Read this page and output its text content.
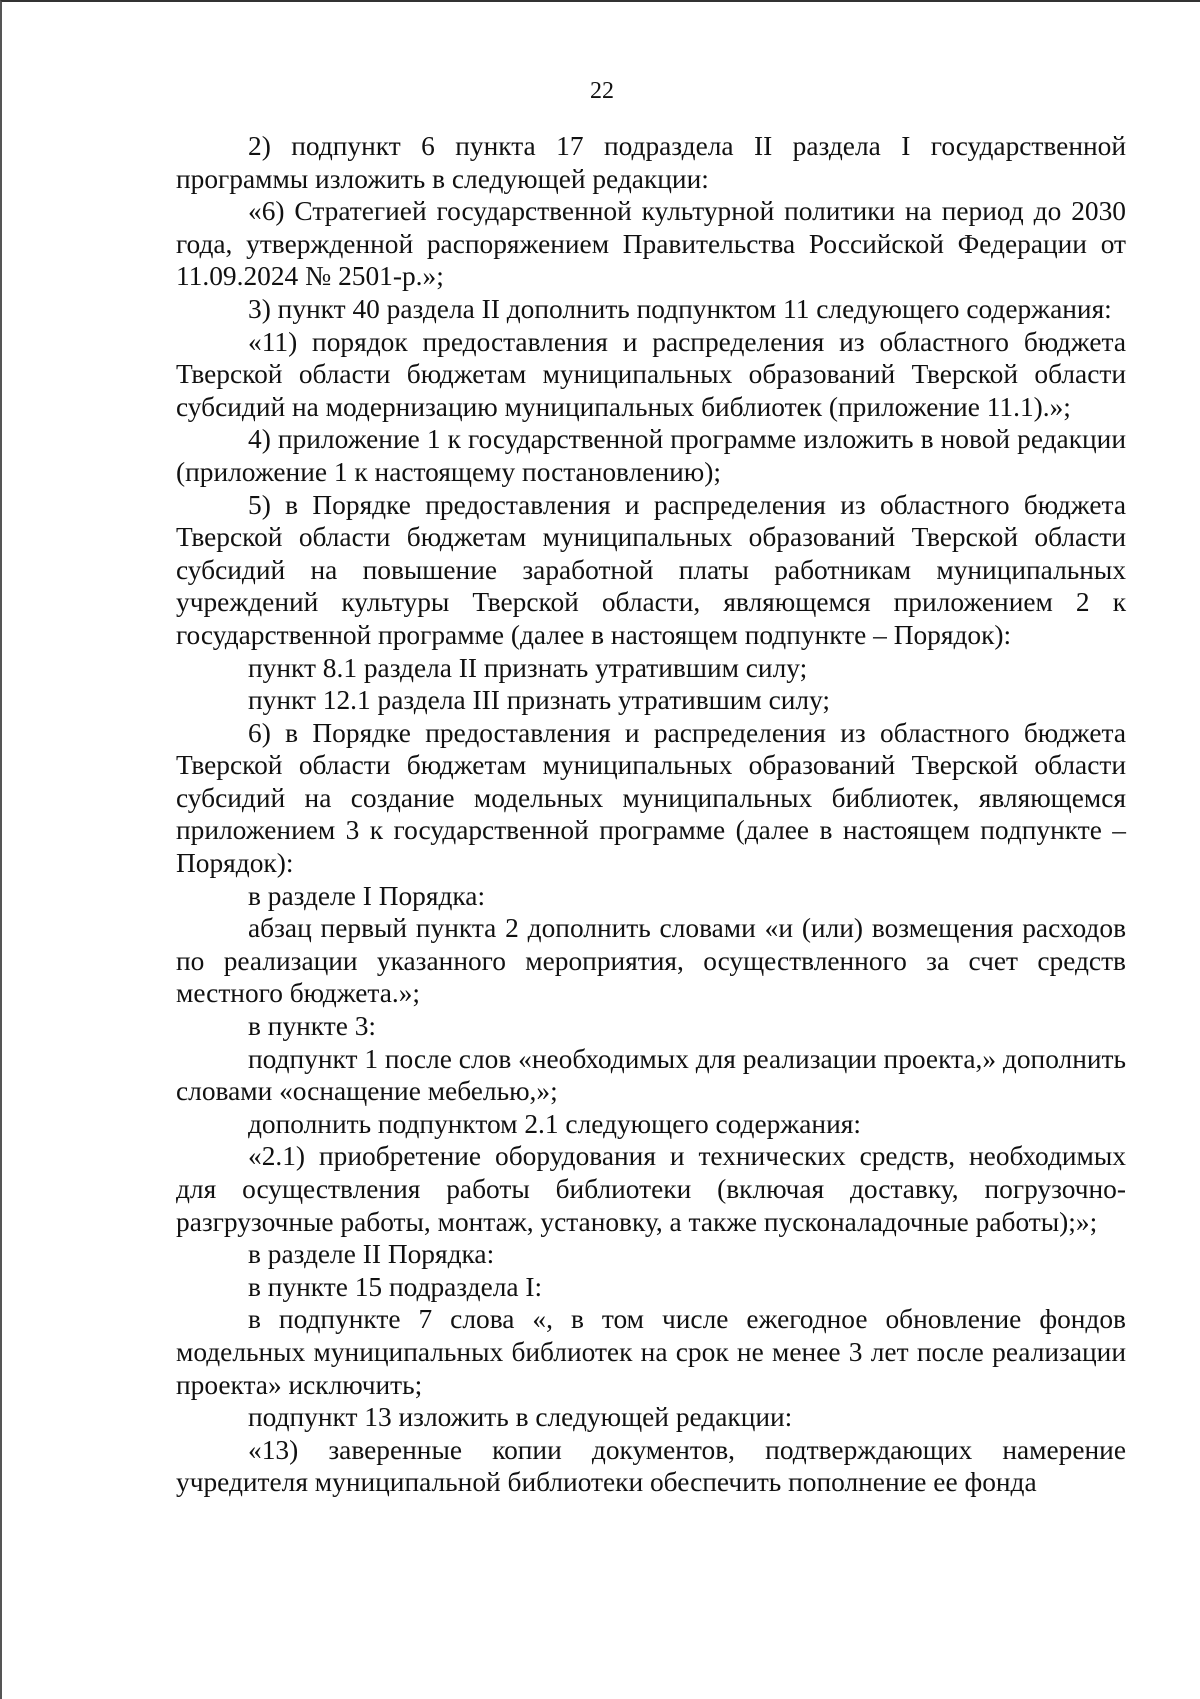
22

2) подпункт 6 пункта 17 подраздела II раздела I государственной программы изложить в следующей редакции:

«6) Стратегией государственной культурной политики на период до 2030 года, утвержденной распоряжением Правительства Российской Федерации от 11.09.2024 № 2501-р.»;

3) пункт 40 раздела II дополнить подпунктом 11 следующего содержания:

«11) порядок предоставления и распределения из областного бюджета Тверской области бюджетам муниципальных образований Тверской области субсидий на модернизацию муниципальных библиотек (приложение 11.1).»;

4) приложение 1 к государственной программе изложить в новой редакции (приложение 1 к настоящему постановлению);

5) в Порядке предоставления и распределения из областного бюджета Тверской области бюджетам муниципальных образований Тверской области субсидий на повышение заработной платы работникам муниципальных учреждений культуры Тверской области, являющемся приложением 2 к государственной программе (далее в настоящем подпункте – Порядок):

пункт 8.1 раздела II признать утратившим силу;

пункт 12.1 раздела III признать утратившим силу;

6) в Порядке предоставления и распределения из областного бюджета Тверской области бюджетам муниципальных образований Тверской области субсидий на создание модельных муниципальных библиотек, являющемся приложением 3 к государственной программе (далее в настоящем подпункте – Порядок):

в разделе I Порядка:

абзац первый пункта 2 дополнить словами «и (или) возмещения расходов по реализации указанного мероприятия, осуществленного за счет средств местного бюджета.»;

в пункте 3:

подпункт 1 после слов «необходимых для реализации проекта,» дополнить словами «оснащение мебелью,»;

дополнить подпунктом 2.1 следующего содержания:

«2.1) приобретение оборудования и технических средств, необходимых для осуществления работы библиотеки (включая доставку, погрузочно-разгрузочные работы, монтаж, установку, а также пусконаладочные работы);»;

в разделе II Порядка:

в пункте 15 подраздела I:

в подпункте 7 слова «, в том числе ежегодное обновление фондов модельных муниципальных библиотек на срок не менее 3 лет после реализации проекта» исключить;

подпункт 13 изложить в следующей редакции:

«13) заверенные копии документов, подтверждающих намерение учредителя муниципальной библиотеки обеспечить пополнение ее фонда
